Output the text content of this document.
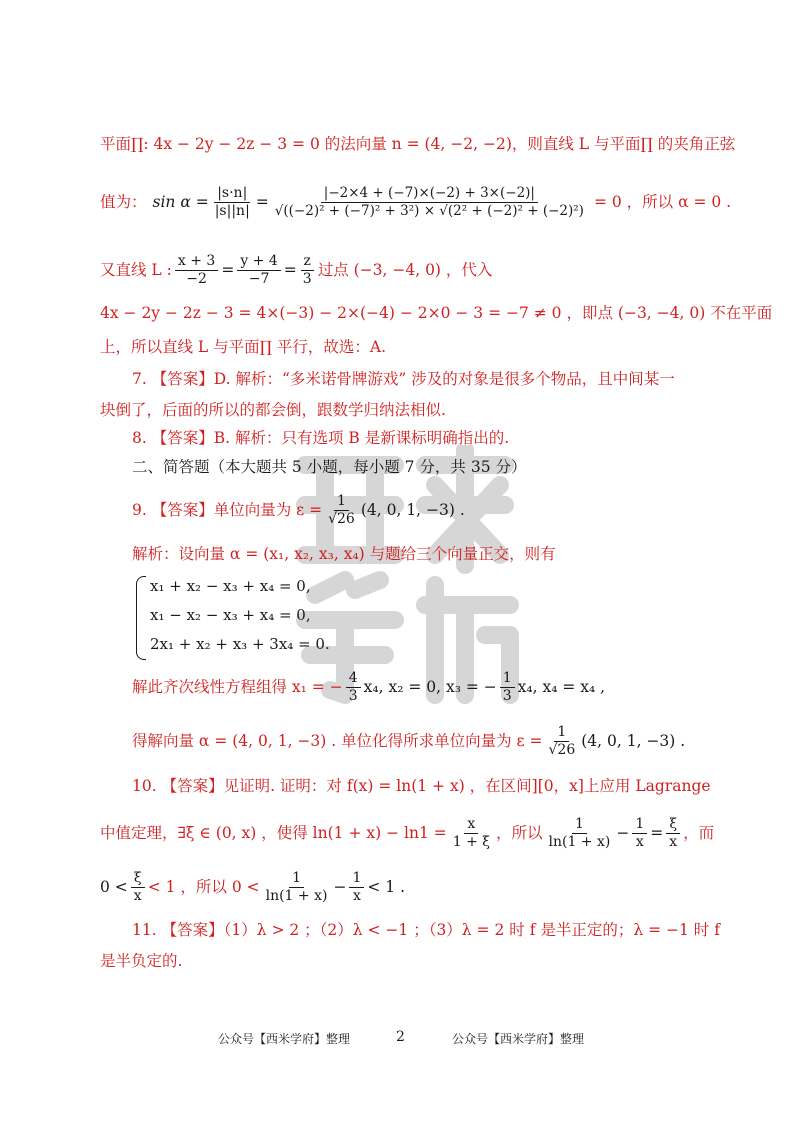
平面∏: 4x − 2y − 2z − 3 = 0 的法向量 n = (4, −2, −2)，则直线 L 与平面∏ 的夹角正弦
值为： $\sin \alpha = \frac{|s\cdot n|}{|s||n|} = \frac{|-2\times 4 + (-7)\times(-2) + 3\times(-2)|}{\text{√((−2)² + (−7)² + 3²) × √(2² + (−2)² + (−2)²)}} = 0$ ，所以 α = 0 .
又直线 L : $\frac{x + 3}{-2} = \frac{y + 4}{-7} = \frac{z}{3}$ 过点 (−3, −4, 0) ，代入
4x − 2y − 2z − 3 = 4×(−3) − 2×(−4) − 2×0 − 3 = −7 ≠ 0 ，即点 (−3, −4, 0) 不在平面
上，所以直线 L 与平面∏ 平行，故选：A.
7. 【答案】D. 解析：“多米诺骨牌游戏” 涉及的对象是很多个物品，且中间某一
块倒了，后面的所以的都会倒，跟数学归纳法相似.
8. 【答案】B. 解析：只有选项 B 是新课标明确指出的.
二、简答题（本大题共 5 小题，每小题 7 分，共 35 分）
9. 【答案】单位向量为 $\varepsilon = \frac{1}{√26} (4$, 0, 1, −3) .
解析：设向量 α = (x₁, x₂, x₃, x₄) 与题给三个向量正交，则有
x₁ + x₂ − x₃ + x₄ = 0,
x₁ − x₂ − x₃ + x₄ = 0,
2x₁ + x₂ + x₃ + 3x₄ = 0.
解此齐次线性方程组得 x₁ = − $\frac{4}{3} x_4$, x₂ = 0, x₃ = − $\frac{1}{3} x_4$, x₄ = x₄ ,
得解向量 α = (4, 0, 1, −3) . 单位化得所求单位向量为 $\varepsilon = \frac{1}{√26} (4$, 0, 1, −3) .
10. 【答案】见证明. 证明：对 f(x) = ln(1 + x) ，在区间][0，x]上应用 Lagrange
中值定理，∃ξ ∈ (0, x) ，使得 $\ln(1 + x) - \ln 1 = \frac{x}{1 + \xi}$ ，所以 $\frac{1}{\ln(1 + x)} - \frac{1}{x} = \frac{\xi}{x}$ ，而
$0 < \frac{\xi}{x} < 1$ ，所以 $0 < \frac{1}{\ln(1 + x)} - \frac{1}{x} < 1$ .
11. 【答案】（1）λ > 2 ；（2）λ < −1 ；（3）λ = 2 时 f 是半正定的；λ = −1 时 f
是半负定的.
公众号【西米学府】整理	2	公众号【西米学府】整理
